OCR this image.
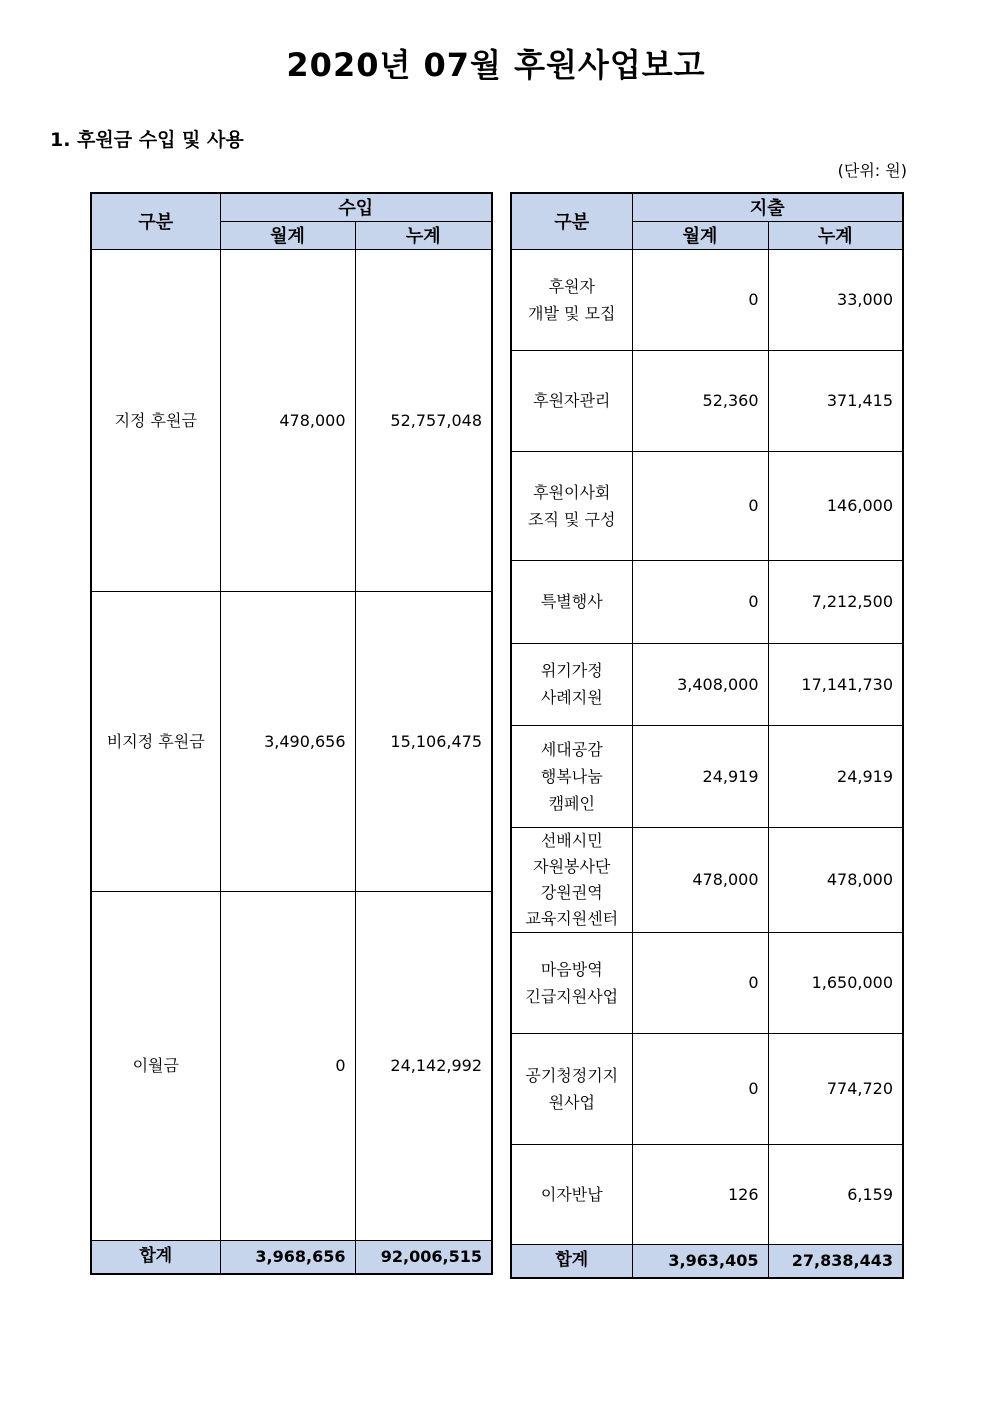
2020년 07월 후원사업보고
1. 후원금 수입 및 사용
(단위: 원)
구분	수입	
	월계	누계
지정 후원금	478,000	52,757,048
비지정 후원금	3,490,656	15,106,475
이월금	0	24,142,992
합계	3,968,656	92,006,515
구분	지출	
	월계	누계

후원자
개발 및 모집	0	33,000

후원자관리	52,360	371,415

후원이사회
조직 및 구성	0	146,000

특별행사	0	7,212,500

위기가정
사례지원	3,408,000	17,141,730

세대공감
행복나눔
캠페인	24,919	24,919

선배시민
자원봉사단
강원권역
교육지원센터	478,000	478,000

마음방역
긴급지원사업	0	1,650,000

공기청정기지
원사업	0	774,720

이자반납	126	6,159
합계	3,963,405	27,838,443
